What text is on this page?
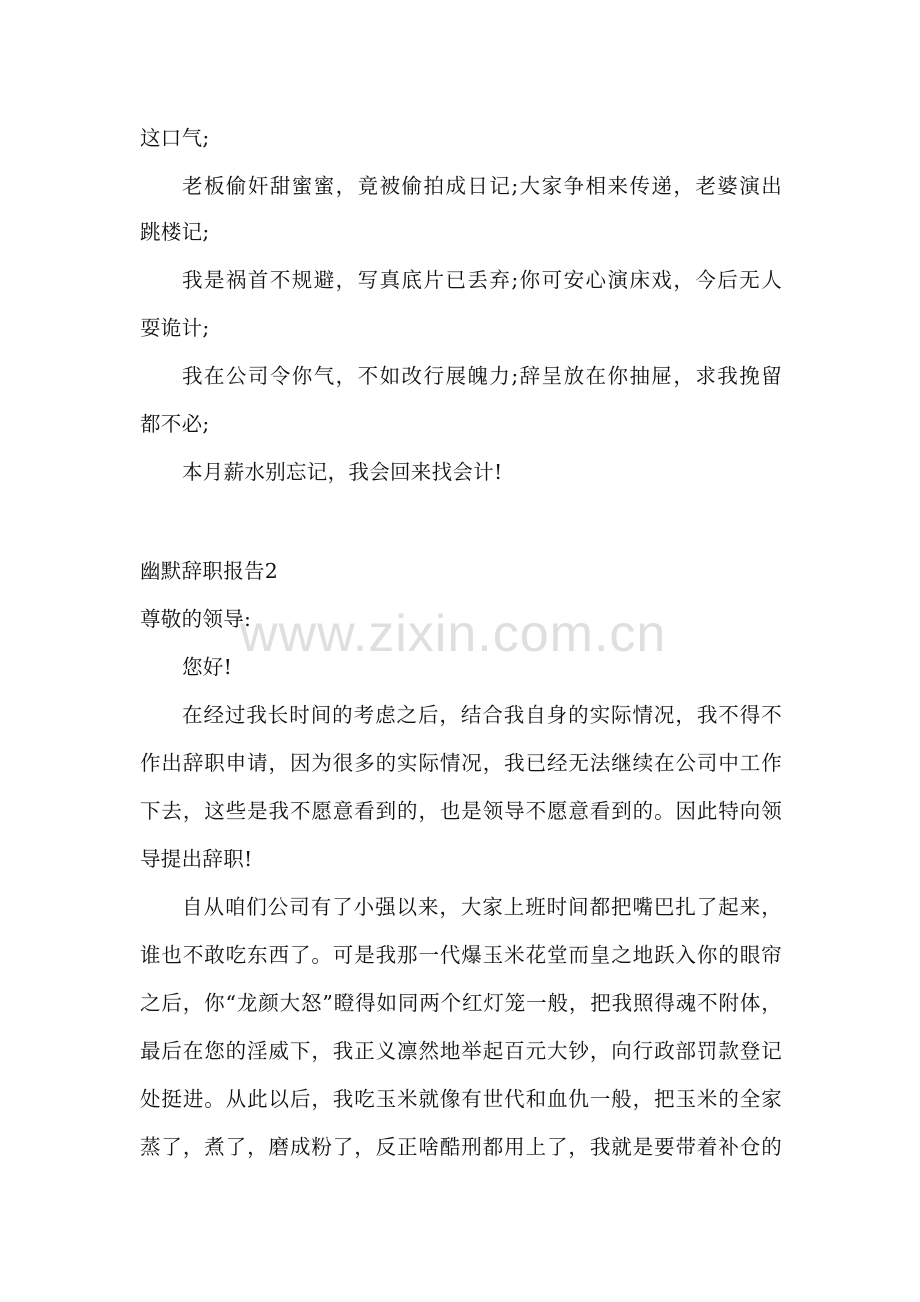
这口气;
老板偷奸甜蜜蜜，竟被偷拍成日记;大家争相来传递，老婆演出
跳楼记;
我是祸首不规避，写真底片已丢弃;你可安心演床戏，今后无人
耍诡计;
我在公司令你气，不如改行展魄力;辞呈放在你抽屉，求我挽留
都不必;
本月薪水别忘记，我会回来找会计!
幽默辞职报告2
尊敬的领导:
您好!
在经过我长时间的考虑之后，结合我自身的实际情况，我不得不
作出辞职申请，因为很多的实际情况，我已经无法继续在公司中工作
下去，这些是我不愿意看到的，也是领导不愿意看到的。因此特向领
导提出辞职!
自从咱们公司有了小强以来，大家上班时间都把嘴巴扎了起来，
谁也不敢吃东西了。可是我那一代爆玉米花堂而皇之地跃入你的眼帘
之后，你“龙颜大怒”瞪得如同两个红灯笼一般，把我照得魂不附体，
最后在您的淫威下，我正义凛然地举起百元大钞，向行政部罚款登记
处挺进。从此以后，我吃玉米就像有世代和血仇一般，把玉米的全家
蒸了，煮了，磨成粉了，反正啥酷刑都用上了，我就是要带着补仓的
www.zixin.com.cn
